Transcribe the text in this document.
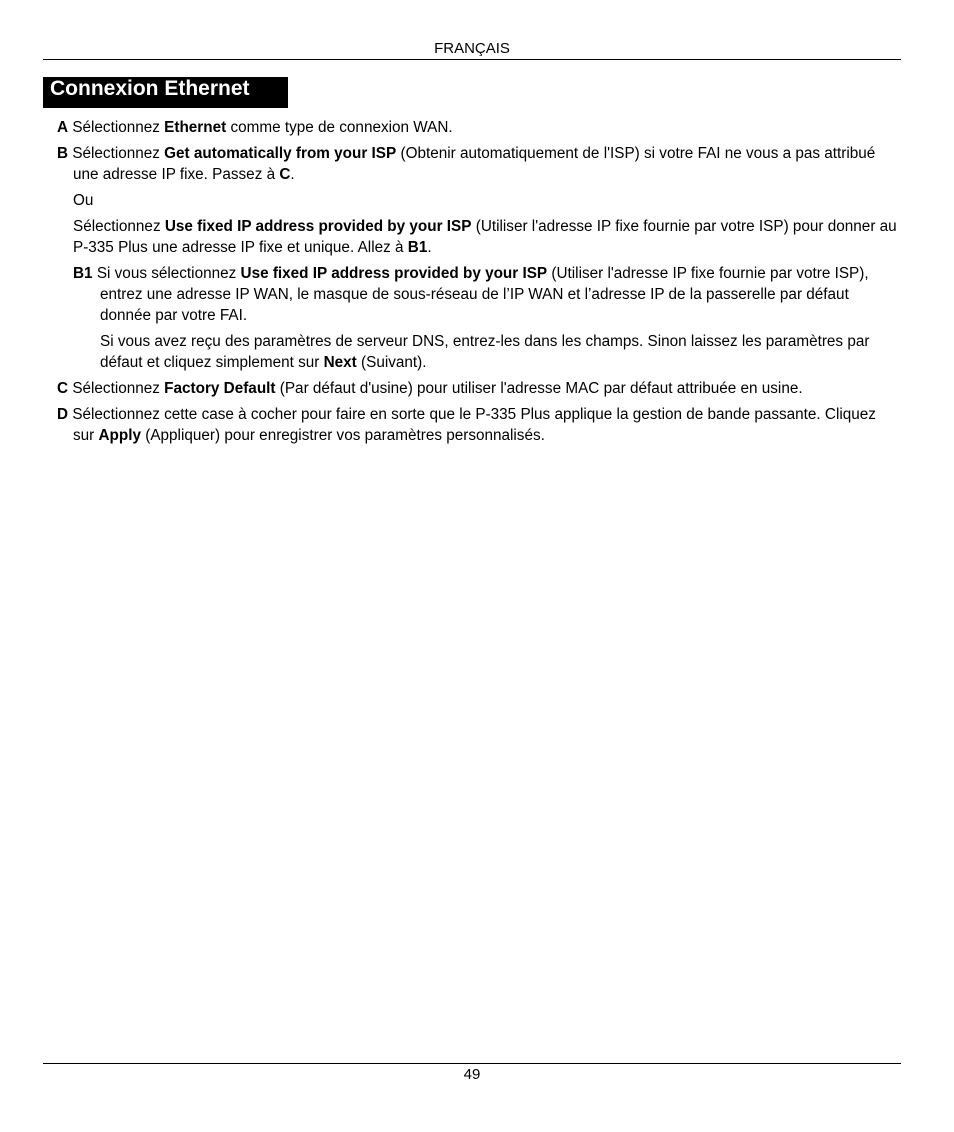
FRANÇAIS
Connexion Ethernet

A Sélectionnez Ethernet comme type de connexion WAN.

B Sélectionnez Get automatically from your ISP (Obtenir automatiquement de l'ISP) si votre FAI ne vous a pas attribué une adresse IP fixe. Passez à C.

Ou

Sélectionnez Use fixed IP address provided by your ISP (Utiliser l'adresse IP fixe fournie par votre ISP) pour donner au P-335 Plus une adresse IP fixe et unique. Allez à B1.

B1 Si vous sélectionnez Use fixed IP address provided by your ISP (Utiliser l'adresse IP fixe fournie par votre ISP), entrez une adresse IP WAN, le masque de sous-réseau de l’IP WAN et l’adresse IP de la passerelle par défaut donnée par votre FAI.

Si vous avez reçu des paramètres de serveur DNS, entrez-les dans les champs. Sinon laissez les paramètres par défaut et cliquez simplement sur Next (Suivant).

C Sélectionnez Factory Default (Par défaut d'usine) pour utiliser l'adresse MAC par défaut attribuée en usine.

D Sélectionnez cette case à cocher pour faire en sorte que le P-335 Plus applique la gestion de bande passante. Cliquez sur Apply (Appliquer) pour enregistrer vos paramètres personnalisés.

49
